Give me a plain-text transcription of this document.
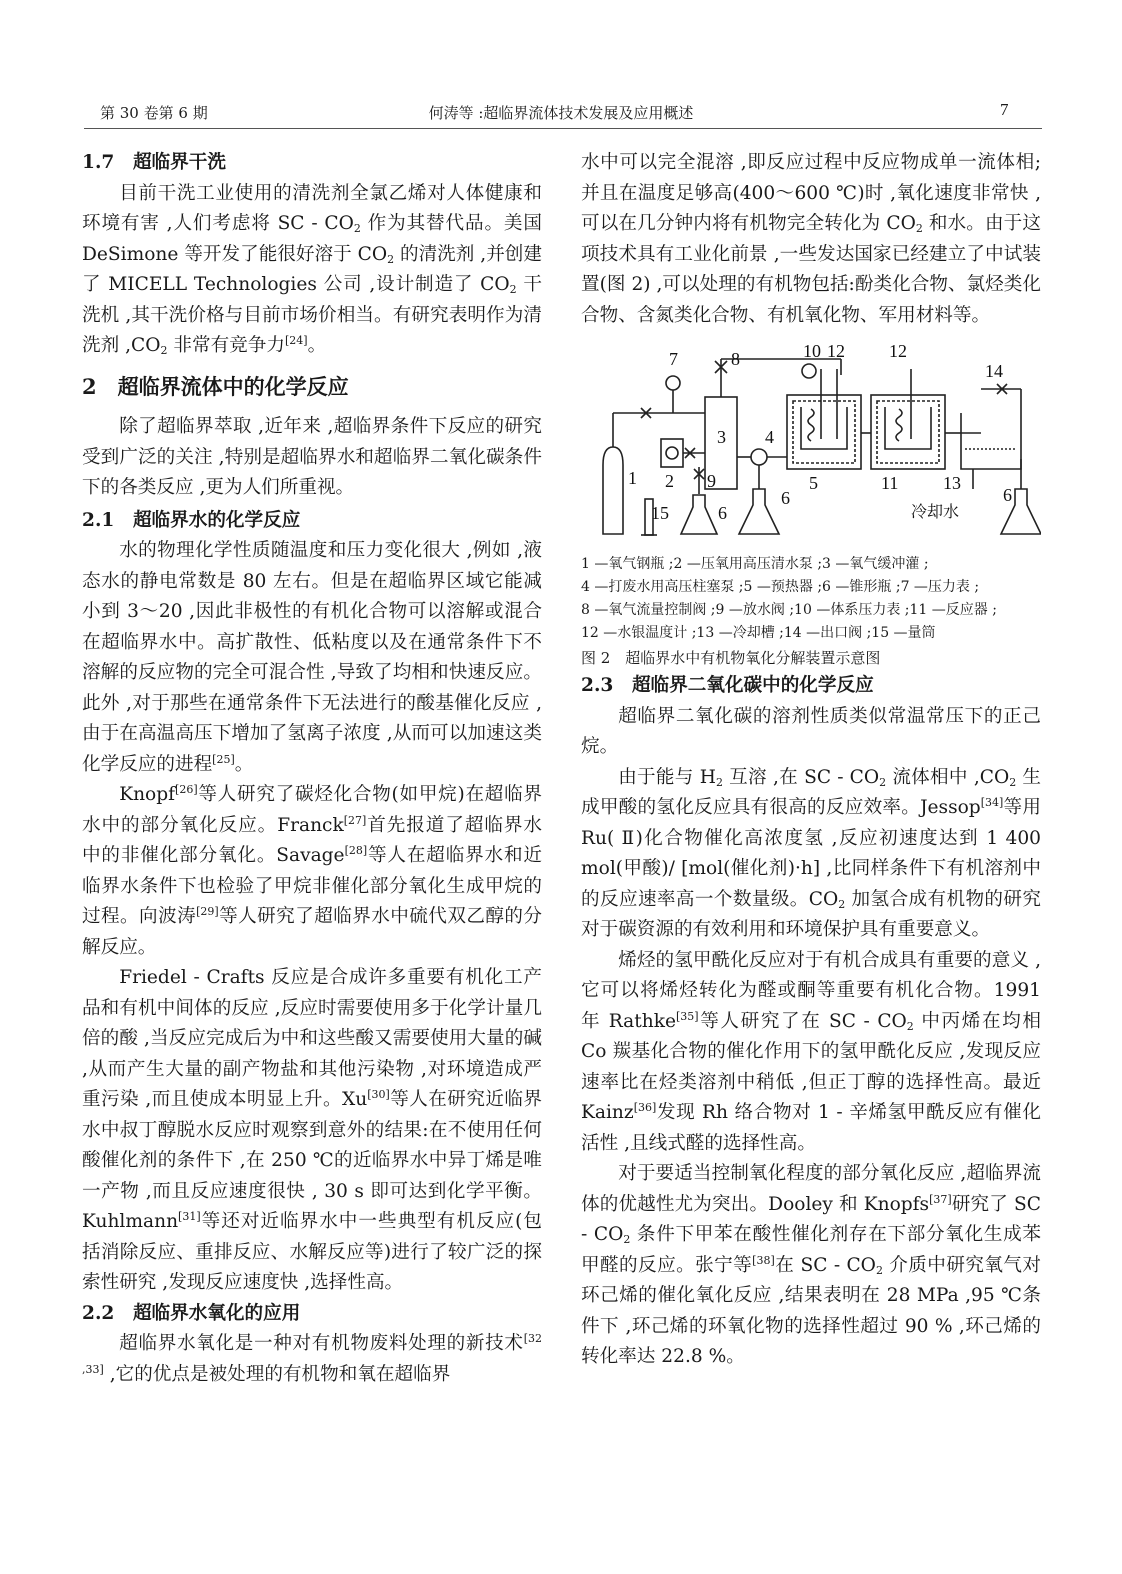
第 30 卷第 6 期	何涛等 :超临界流体技术发展及应用概述	7
1.7　超临界干洗

目前干洗工业使用的清洗剂全氯乙烯对人体健康和环境有害 ,人们考虑将 SC - $CO_2$ 作为其替代品。美国 DeSimone 等开发了能很好溶于 $CO_2$ 的清洗剂 ,并创建了 MICELL Technologies 公司 ,设计制造了 $CO_2$ 干洗机 ,其干洗价格与目前市场价相当。有研究表明作为清洗剂 $,CO_2$ 非常有竞争力[24]。

2　超临界流体中的化学反应

除了超临界萃取 ,近年来 ,超临界条件下反应的研究受到广泛的关注 ,特别是超临界水和超临界二氧化碳条件下的各类反应 ,更为人们所重视。

2.1　超临界水的化学反应

水的物理化学性质随温度和压力变化很大 ,例如 ,液态水的静电常数是 80 左右。但是在超临界区域它能减小到 3～20 ,因此非极性的有机化合物可以溶解或混合在超临界水中。高扩散性、低粘度以及在通常条件下不溶解的反应物的完全可混合性 ,导致了均相和快速反应。此外 ,对于那些在通常条件下无法进行的酸基催化反应 ,由于在高温高压下增加了氢离子浓度 ,从而可以加速这类化学反应的进程[25]。

Knopf[26]等人研究了碳烃化合物(如甲烷)在超临界水中的部分氧化反应。Franck[27]首先报道了超临界水中的非催化部分氧化。Savage[28]等人在超临界水和近临界水条件下也检验了甲烷非催化部分氧化生成甲烷的过程。向波涛[29]等人研究了超临界水中硫代双乙醇的分解反应。

Friedel - Crafts 反应是合成许多重要有机化工产品和有机中间体的反应 ,反应时需要使用多于化学计量几倍的酸 ,当反应完成后为中和这些酸又需要使用大量的碱 ,从而产生大量的副产物盐和其他污染物 ,对环境造成严重污染 ,而且使成本明显上升。Xu[30]等人在研究近临界水中叔丁醇脱水反应时观察到意外的结果:在不使用任何酸催化剂的条件下 ,在 250 ℃的近临界水中异丁烯是唯一产物 ,而且反应速度很快 , 30 s 即可达到化学平衡。Kuhlmann[31]等还对近临界水中一些典型有机反应(包括消除反应、重排反应、水解反应等)进行了较广泛的探索性研究 ,发现反应速度快 ,选择性高。

2.2　超临界水氧化的应用

超临界水氧化是一种对有机物废料处理的新技术[32 ,33] ,它的优点是被处理的有机物和氧在超临界

水中可以完全混溶 ,即反应过程中反应物成单一流体相;并且在温度足够高(400～600 ℃)时 ,氧化速度非常快 ,可以在几分钟内将有机物完全转化为 $CO_2$ 和水。由于这项技术具有工业化前景 ,一些发达国家已经建立了中试装置(图 2) ,可以处理的有机物包括:酚类化合物、氯烃类化合物、含氮类化合物、有机氧化物、军用材料等。

1 2
3 4
5
6
6	6
7	8
9
10
11
12 12
13
14
15	冷却水

1 —氧气钢瓶 ;2 —压氧用高压清水泵 ;3 —氧气缓冲灌 ;

4 —打废水用高压柱塞泵 ;5 —预热器 ;6 —锥形瓶 ;7 —压力表 ;

8 —氧气流量控制阀 ;9 —放水阀 ;10 —体系压力表 ;11 —反应器 ;

12 —水银温度计 ;13 —冷却槽 ;14 —出口阀 ;15 —量筒

图 2　超临界水中有机物氧化分解装置示意图

2.3　超临界二氧化碳中的化学反应

超临界二氧化碳的溶剂性质类似常温常压下的正己烷。

由于能与 $H_2$ 互溶 ,在 SC - $CO_2$ 流体相中 $,CO_2$ 生成甲酸的氢化反应具有很高的反应效率。Jessop[34]等用 Ru( Ⅱ)化合物催化高浓度氢 ,反应初速度达到 1 400 mol(甲酸)/ [mol(催化剂)·h] ,比同样条件下有机溶剂中的反应速率高一个数量级。$CO_2$ 加氢合成有机物的研究对于碳资源的有效利用和环境保护具有重要意义。

烯烃的氢甲酰化反应对于有机合成具有重要的意义 ,它可以将烯烃转化为醛或酮等重要有机化合物。1991 年 Rathke[35]等人研究了在 SC - $CO_2$ 中丙烯在均相 Co 羰基化合物的催化作用下的氢甲酰化反应 ,发现反应速率比在烃类溶剂中稍低 ,但正丁醇的选择性高。最近 Kainz[36]发现 Rh 络合物对 1 - 辛烯氢甲酰反应有催化活性 ,且线式醛的选择性高。

对于要适当控制氧化程度的部分氧化反应 ,超临界流体的优越性尤为突出。Dooley 和 Knopfs[37]研究了 SC - $CO_2$ 条件下甲苯在酸性催化剂存在下部分氧化生成苯甲醛的反应。张宁等[38]在 SC - $CO_2$ 介质中研究氧气对环己烯的催化氧化反应 ,结果表明在 28 MPa ,95 ℃条件下 ,环己烯的环氧化物的选择性超过 90 % ,环己烯的转化率达 22.8 %。
